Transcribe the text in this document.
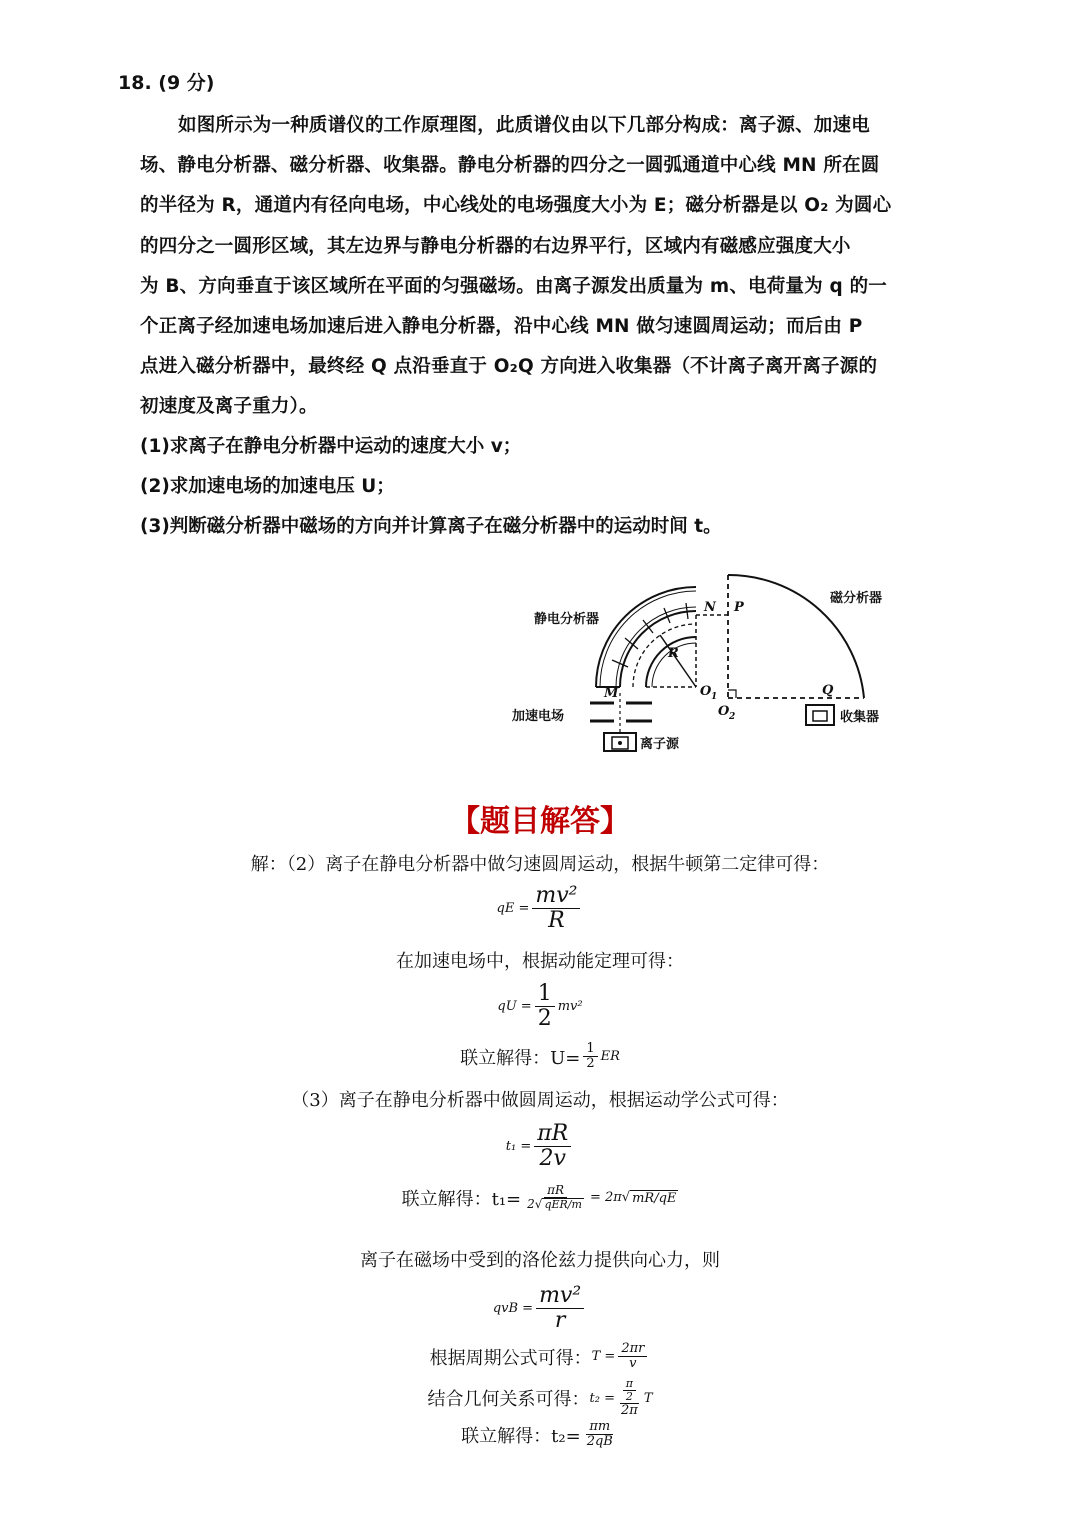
18. (9 分)
如图所示为一种质谱仪的工作原理图，此质谱仪由以下几部分构成：离子源、加速电
场、静电分析器、磁分析器、收集器。静电分析器的四分之一圆弧通道中心线 MN 所在圆
的半径为 R，通道内有径向电场，中心线处的电场强度大小为 E；磁分析器是以 O₂ 为圆心
的四分之一圆形区域，其左边界与静电分析器的右边界平行，区域内有磁感应强度大小
为 B、方向垂直于该区域所在平面的匀强磁场。由离子源发出质量为 m、电荷量为 q 的一
个正离子经加速电场加速后进入静电分析器，沿中心线 MN 做匀速圆周运动；而后由 P
点进入磁分析器中，最终经 Q 点沿垂直于 O₂Q 方向进入收集器（不计离子离开离子源的
初速度及离子重力）。
(1)求离子在静电分析器中运动的速度大小 v；
(2)求加速电场的加速电压 U；
(3)判断磁分析器中磁场的方向并计算离子在磁分析器中的运动时间 t。
静电分析器
磁分析器
加速电场
离子源
收集器
N P
R
M	O 1
O 2
Q
【题目解答】
解：（2）离子在静电分析器中做匀速圆周运动，根据牛顿第二定律可得：
qE = $\frac{\text{mv²}}{R}$
在加速电场中，根据动能定理可得：
qU = $\frac{1}{2} mv^2$
联立解得：$U= \frac{1}{2}$ ER
（3）离子在静电分析器中做圆周运动，根据运动学公式可得：
$t_1 = \frac{\pi R}{2v}$
联立解得：$t_1= \frac{\pi R}{\text{2√ qER/m}} = 2\pi$ √ mR/qE
离子在磁场中受到的洛伦兹力提供向心力，则
qvB = $\frac{\text{mv²}}{r}$
根据周期公式可得： $T = \frac{2\pi r}{v}$
结合几何关系可得： $t_2 = \frac{\frac{\pi}{2}}{2\pi}$ T
联立解得：$t_2= \frac{\pi m}{2qB}$
